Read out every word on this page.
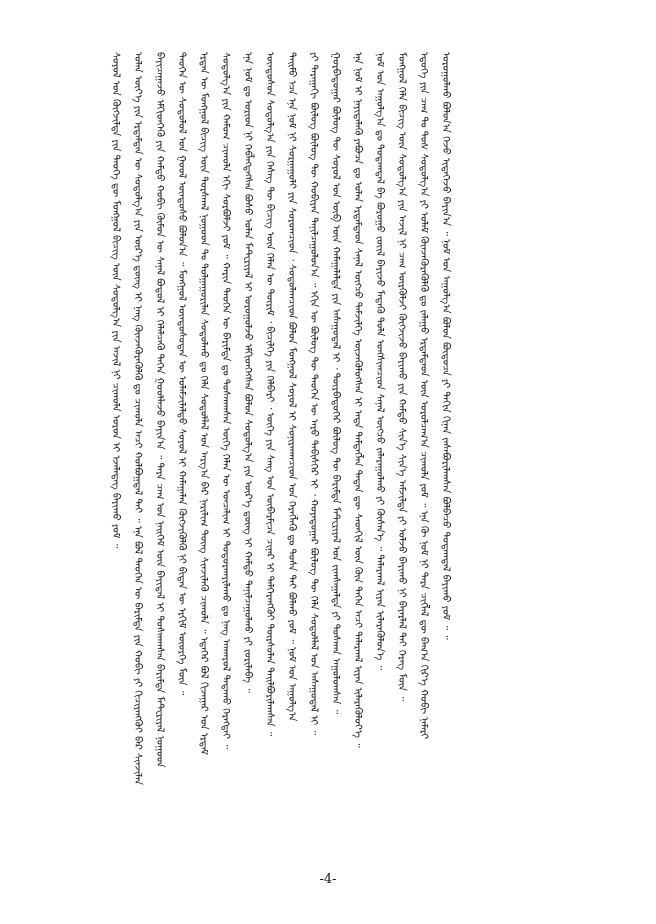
ᠰᠣᠶᠣᠯ ᠤᠨ ᠬᠥᠭᠵᠢᠯᠲᠡ ᠶᠢᠨ ᠲᠡᠦᠬᠡ ᠳᠦ ᠮᠣᠩᠭᠣᠯ ᠪᠢᠴᠢᠭ ᠦᠨ ᠰᠤᠳᠤᠯᠭ᠎ᠠ ᠶᠢᠨ ᠠᠵᠢᠯ ᠨᠢ ᠴᠢᠬᠤᠯᠠ ᠣᠷᠤᠨ ᠢ ᠡᠵᠡᠯᠡᠳᠡᠭ ᠪᠠᠶᠢᠬᠤ ᠶᠤᠮ ᠃	ᠣᠯᠠᠨ ᠦᠶ᠎ᠡ ᠶᠢᠨ ᠡᠷᠳᠡᠮᠲᠡᠨ ᠦ ᠰᠤᠳᠤᠯᠭ᠎ᠠ ᠶᠢᠨ ᠦᠷ᠎ᠡ ᠳ᠋ᠦᠩ ᠢ ᠨᠡᠩ ᠭᠦᠨᠵᠡᠭᠦᠷᠡᠭᠦᠯᠬᠦ ᠳᠤ ᠴᠢᠬᠤᠯᠠ ᠠᠴᠢ ᠬᠣᠯᠪᠣᠭ᠋ᠳᠠᠯ ᠲᠠᠢ ᠃ ᠡᠨᠡ ᠪᠣᠯ ᠲᠡᠦᠬᠡᠨ ᠦ ᠪᠠᠷᠢᠮᠲᠠ ᠶᠢᠨ ᠬᠤᠪᠢ ᠶᠢ ᠬᠢᠴᠢᠶᠡᠩᠭᠦᠢ ᠪᠡᠷ ᠰᠢᠨᠵᠢᠯᠡᠨ	ᠪᠠᠶᠢᠴᠠᠭᠠᠵᠤ ᠡᠮᠬᠢᠳᠬᠡᠬᠦ ᠶᠢᠨ ᠬᠠᠮᠲᠤ ᠬᠤᠪᠢ ᠬᠦᠮᠦᠨ ᠦ ᠰᠠᠨᠠᠯ ᠪᠤᠳᠤᠯ ᠢ ᠬᠡᠯᠡᠯᠴᠡᠬᠦ ᠳᠡᠭᠡᠨ ᠭᠣᠣᠯᠯᠠᠵᠤ ᠪᠠᠶᠢᠨ᠎ᠠ ᠃ ᠲᠡᠷᠡ ᠴᠠᠭ ᠤᠨ ᠨᠡᠢᠭᠡᠮ ᠦᠨ ᠪᠠᠶᠢᠳᠠᠯ ᠢ ᠲᠤᠰᠬᠠᠭᠰᠠᠨ ᠪᠠᠷᠢᠮᠲᠠ ᠮᠠᠲᠸᠷᠢᠶᠠᠯ ᠨᠤᠭᠤᠳ	ᠲᠡᠦᠬᠡᠨ ᠦ ᠰᠤᠳᠤᠯᠤᠯ ᠤᠨ ᠭᠣᠣᠯ ᠦᠨᠳᠦᠰᠦ ᠪᠣᠯᠤᠨ᠎ᠠ ᠃ ᠮᠣᠩᠭᠣᠯ ᠦᠨᠳᠦᠰᠦᠲᠡᠨ ᠦ ᠤᠯᠠᠮᠵᠢᠯᠠᠯᠲᠤ ᠰᠣᠶᠣᠯ ᠢ ᠬᠠᠮᠠᠭᠠᠯᠠᠨ ᠬᠥᠭᠵᠢᠭᠦᠯᠬᠦ ᠨᠢ ᠪᠢᠳᠡᠨ ᠦ ᠡᠷᠬᠢᠮ ᠦᠦᠷᠭᠡ ᠮᠥᠨ ᠃	ᠡᠷᠲᠡᠨ ᠦ ᠮᠣᠩᠭᠣᠯ ᠪᠢᠴᠢᠭ ᠦᠨ ᠳᠤᠷᠰᠬᠠᠯ ᠨᠤᠭᠤᠳ ᠲᠤ ᠲᠤᠯᠭᠠᠭᠤᠷᠢᠯᠠᠨ ᠰᠤᠳᠤᠯᠬᠤ ᠳᠤ ᠬᠡᠯᠡ ᠰᠤᠳᠤᠯᠯᠠᠯ ᠤᠨ ᠠᠷᠭ᠎ᠠ ᠪᠠᠷ ᠨᠠᠷᠢᠯᠢᠭ ᠳᠦᠩ ᠰᠢᠨᠵᠢᠯᠡᠬᠦ ᠴᠢᠬᠤᠯᠠ ᠃ ᠡᠳᠡᠭᠡᠷ ᠪᠣᠯ ᠬᠢᠵᠠᠭᠠᠷ ᠤᠨ ᠡᠷᠳᠡᠮ	ᠰᠤᠳᠤᠯᠭ᠎ᠠ ᠶᠢᠨ ᠬᠠᠮᠤᠭ ᠴᠢᠬᠤᠯᠠ ᠡᠬᠢ ᠰᠤᠷᠪᠤᠯᠵᠢ ᠶᠤᠮ ᠃ ᠬᠠᠷᠢᠨ ᠲᠡᠦᠬᠡᠨ ᠦ ᠪᠠᠷᠢᠮᠲᠠ ᠳᠤ ᠲᠤᠰᠬᠠᠭᠰᠠᠨ ᠦᠭᠡ ᠬᠡᠯᠡᠨ ᠦ ᠣᠨᠴᠠᠯᠢᠭ ᠢ ᠲᠣᠳᠣᠷᠬᠠᠶᠢᠯᠠᠬᠤ ᠳᠤ ᠨᠡᠩ ᠠᠨᠬᠠᠷᠤᠯ ᠲᠠᠲᠠᠬᠤ ᠬᠡᠷᠡᠭᠲᠡᠢ ᠃	ᠡᠨᠡ ᠨᠣᠮ ᠳᠤ ᠤᠷᠢᠳ ᠨᠢ ᠬᠡᠪᠯᠡᠭᠳᠡᠭᠰᠡᠨ ᠪᠤᠰᠤ ᠣᠯᠠᠨ ᠮᠠᠲᠸᠷᠢᠶᠠᠯ ᠢ ᠣᠷᠣᠭᠤᠯᠵᠤ ᠡᠮᠬᠢᠳᠬᠡᠭᠰᠡᠨ ᠪᠣᠯᠤᠨ ᠰᠤᠳᠤᠯᠭ᠎ᠠ ᠶᠢᠨ ᠦᠷ᠎ᠡ ᠳ᠋ᠦᠩ ᠢ ᠬᠠᠮᠲᠤ ᠲᠠᠨᠢᠯᠴᠠᠭᠤᠯᠬᠤ ᠶᠢ ᠵᠣᠷᠢᠯᠠᠪᠠ ᠃	ᠦᠨᠳᠦᠰᠦᠨ ᠰᠤᠳᠤᠯᠭ᠎ᠠ ᠶᠢᠨ ᠬᠡᠰᠡᠭ ᠲᠦ ᠪᠢᠴᠢᠭ ᠦᠨ ᠬᠡᠯᠡᠨ ᠦ ᠳᠦᠷᠢᠮ ᠂ ᠪᠢᠴᠢᠯᠭᠡ ᠶᠢᠨ ᠬᠡᠯᠪᠡᠷᠢ ᠂ ᠦᠭᠡ ᠶᠢᠨ ᠰᠠᠩ ᠤᠨ ᠥᠪᠡᠷᠮᠢᠴᠡ ᠴᠢᠨᠠᠷ ᠢ ᠳᠡᠯᠭᠡᠷᠡᠩᠭᠦᠢ ᠳᠦᠷᠰᠦᠯᠡᠨ ᠲᠠᠢᠯᠪᠤᠷᠢᠯᠠᠭᠰᠠᠨ ᠃	ᠲᠡᠢᠮᠦ ᠡᠴᠡ ᠡᠨᠡ ᠨᠣᠮ ᠨᠢ ᠰᠤᠷᠭᠠᠭᠤᠯᠢ ᠶᠢᠨ ᠰᠤᠷᠤᠭᠴᠢᠳ ᠂ ᠰᠤᠳᠤᠯᠠᠭᠴᠢᠳ ᠪᠣᠯᠤᠨ ᠮᠣᠩᠭᠣᠯ ᠰᠣᠶᠣᠯ ᠢ ᠰᠣᠨᠢᠷᠬᠠᠭᠴᠢᠳ ᠤᠨ ᠬᠡᠷᠡᠭᠯᠡᠬᠦ ᠳᠤ ᠲᠤᠰᠠ ᠲᠠᠢ ᠪᠣᠯᠬᠤ ᠶᠤᠮ ᠃ ᠨᠣᠮ ᠤᠨ ᠠᠭᠤᠯᠭ᠎ᠠ	ᠶᠢ ᠳᠠᠷᠠᠭᠠᠬᠢ ᠪᠦᠯᠦᠭ ᠪᠦᠯᠦᠭ ᠲᠦ ᠬᠤᠪᠢᠶᠠᠨ ᠲᠠᠨᠢᠯᠴᠠᠭᠤᠯᠤᠨ᠎ᠠ ᠃ ᠡᠬᠢᠨ ᠦ ᠪᠦᠯᠦᠭ ᠲᠦ ᠲᠡᠦᠬᠡᠨ ᠦ ᠠᠷᠤ ᠳᠡᠪᠢᠰᠬᠡᠷ ᠢ ᠂ ᠬᠣᠶᠠᠳᠤᠭᠠᠷ ᠪᠦᠯᠦᠭ ᠲᠦ ᠬᠡᠯᠡ ᠰᠤᠳᠤᠯᠯᠠᠯ ᠤᠨ ᠠᠰᠠᠭᠤᠳᠠᠯ ᠢ ᠃	ᠭᠤᠷᠪᠠᠳᠤᠭᠠᠷ ᠪᠦᠯᠦᠭ ᠲᠦ ᠰᠣᠶᠣᠯ ᠤᠨ ᠥᠪ ᠦᠨ ᠬᠠᠮᠠᠭᠠᠯᠠᠯᠲᠠ ᠶᠢᠨ ᠠᠰᠠᠭᠤᠳᠠᠯ ᠢ ᠂ ᠳᠥᠷᠪᠡᠳᠦᠭᠡᠷ ᠪᠦᠯᠦᠭ ᠲᠦ ᠪᠠᠷᠢᠮᠲᠠ ᠮᠠᠲᠸᠷᠢᠶᠠᠯ ᠤᠨ ᠵᠢᠭᠰᠠᠭᠠᠯᠲᠠ ᠶᠢ ᠲᠣᠰᠬᠠᠨ ᠠᠭᠤᠯᠤᠭᠰᠠᠨ ᠃	ᠡᠨᠡ ᠨᠣᠮ ᠢ ᠨᠡᠶᠢᠲᠡᠯᠡᠬᠦ ᠶᠠᠪᠤᠴᠠ ᠳᠤ ᠣᠯᠠᠨ ᠡᠷᠳᠡᠮᠲᠡᠳ ᠰᠠᠨᠠᠯ ᠥᠭᠴᠦ ᠳᠡᠮᠵᠢᠯᠭᠡ ᠦᠵᠡᠭᠦᠯᠦᠭᠰᠡᠨ ᠢ ᠡᠨᠳᠡ ᠲᠡᠮᠳᠡᠭᠯᠡᠨ ᠲᠡᠳᠡᠨ ᠳᠦ ᠰᠡᠳᠬᠢᠯ ᠦᠨ ᠭᠦᠨ ᠳᠡᠭᠡᠨ ᠠᠴᠢ ᠲᠠᠯᠠᠷᠬᠠᠯ ᠢᠶᠠᠨ ᠢᠯᠡᠷᠡᠭᠦᠯᠦᠶ᠎ᠡ ᠃	ᠨᠣᠮ ᠤᠨ ᠠᠭᠤᠯᠭ᠎ᠠ ᠳᠤ ᠳᠤᠲᠠᠭᠳᠠᠯ ᠪᠠ ᠪᠤᠷᠤᠭᠤ ᠵᠦᠢᠯ ᠪᠠᠶᠢᠵᠤ ᠮᠡᠳᠡᠬᠦ ᠲᠤᠯᠠ ᠤᠩᠰᠢᠭᠴᠢᠳ ᠰᠠᠨᠠᠯ ᠥᠭᠴᠦ ᠵᠠᠯᠠᠷᠠᠭᠤᠯᠬᠤ ᠶᠢ ᠬᠦᠰᠡᠨ᠎ᠡ ᠃ ᠲᠠᠯᠠᠷᠬᠠᠯ ᠢᠶᠠᠨ ᠢᠯᠡᠷᠡᠭᠦᠯᠦᠨ᠎ᠡ ᠃	ᠮᠣᠩᠭᠣᠯ ᠬᠡᠯᠡ ᠪᠢᠴᠢᠭ ᠦᠨ ᠰᠤᠳᠤᠯᠭ᠎ᠠ ᠶᠢᠨ ᠠᠵᠢᠯ ᠨᠢ ᠴᠠᠭ ᠦᠷᠭᠦᠯᠵᠢ ᠬᠥᠭᠵᠢᠵᠦ ᠪᠠᠶᠢᠬᠤ ᠶᠢᠨ ᠬᠠᠮᠲᠤ ᠰᠢᠨ᠎ᠡ ᠰᠢᠨ᠎ᠡ ᠠᠮᠵᠢᠯᠲᠠ ᠶᠢ ᠣᠯᠵᠤ ᠪᠠᠶᠢᠬᠤ ᠨᠢ ᠪᠠᠶᠠᠷᠯᠠᠯ ᠲᠠᠢ ᠬᠡᠷᠡᠭ ᠮᠥᠨ ᠃	ᠡᠳᠦᠭᠡ ᠶᠢᠨ ᠴᠠᠭ ᠲᠤ ᠳᠤᠰ ᠰᠤᠳᠤᠯᠭ᠎ᠠ ᠶᠢ ᠤᠯᠠᠮ ᠭᠦᠨᠵᠡᠭᠦᠷᠡᠭᠦᠯᠬᠦ ᠳᠤ ᠵᠠᠯᠠᠭᠤ ᠡᠷᠳᠡᠮᠲᠡᠳ ᠦᠨ ᠣᠷᠣᠯᠴᠠᠭ᠎ᠠ ᠴᠢᠬᠤᠯᠠ ᠶᠤᠮ ᠃ ᠡᠨᠡ ᠬᠦ ᠨᠣᠮ ᠨᠢ ᠲᠡᠷᠡ ᠴᠢᠭᠯᠡᠯ ᠳᠦ ᠪᠠᠭ᠎ᠠ ᠬᠢᠷ᠎ᠡ ᠬᠤᠪᠢ ᠨᠡᠮᠡᠷᠢ	ᠣᠷᠣᠭᠤᠯᠬᠤ ᠪᠣᠯᠤᠨ᠎ᠠ ᠭᠡᠵᠦ ᠢᠳᠡᠭᠡᠵᠦ ᠪᠠᠶᠢᠨ᠎ᠠ ᠃ ᠨᠣᠮ ᠤᠨ ᠠᠭᠤᠯᠭ᠎ᠠ ᠪᠣᠯᠤᠨ ᠪᠦᠲᠦᠴᠡ ᠶᠢ ᠳᠠᠬᠢᠨ ᠬᠢᠨᠠᠨ ᠵᠠᠰᠠᠪᠤᠷᠢᠯᠠᠭᠰᠠᠨ ᠪᠣᠯᠪᠠᠴᠤ ᠳᠤᠲᠠᠭᠳᠠᠯ ᠪᠠᠶᠢᠬᠤ ᠶᠤᠮ ᠃ ᠃
-4-
